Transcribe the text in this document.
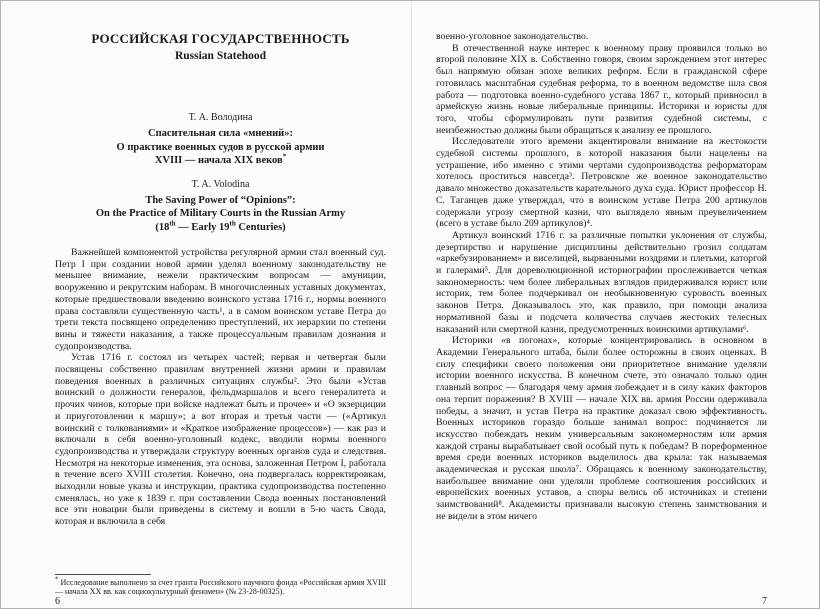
РОССИЙСКАЯ ГОСУДАРСТВЕННОСТЬ
Russian Statehood
Т. А. Володина
Спасительная сила «мнений»:
О практике военных судов в русской армии
XVIII — начала XIX веков*
T. A. Volodina
The Saving Power of “Opinions”:
On the Practice of Military Courts in the Russian Army
(18th — Early 19th Centuries)

Важнейшей компонентой устройства регулярной армии стал военный суд. Петр I при создании новой армии уделял военному законодательству не меньшее внимание, нежели практическим вопросам — амуниции, вооружению и рекрутским наборам. В многочисленных уставных документах, которые предшествовали введению воинского устава 1716 г., нормы военного права составляли существенную часть¹, а в самом воинском уставе Петра до трети текста посвящено определению преступлений, их иерархии по степени вины и тяжести наказания, а также процессуальным правилам дознания и судопроизводства.

Устав 1716 г. состоял из четырех частей; первая и четвертая были посвящены собственно правилам внутренней жизни армии и правилам поведения военных в различных ситуациях службы². Это были «Устав воинский о должности генералов, фельдмаршалов и всего генералитета и прочих чинов, которые при войске надлежат быть и прочее» и «О экзерциции и приуготовлении к маршу»; а вот вторая и третья части — («Артикул воинский с толкованиями» и «Краткое изображение процессов») — как раз и включали в себя военно-уголовный кодекс, вводили нормы военного судопроизводства и утверждали структуру военных органов суда и следствия. Несмотря на некоторые изменения, эта основа, заложенная Петром I, работала в течение всего XVIII столетия. Конечно, она подвергалась корректировкам, выходили новые указы и инструкции, практика судопроизводства постепенно сменялась, но уже к 1839 г. при составлении Свода военных постановлений все эти новации были приведены в систему и вошли в 5-ю часть Свода, которая и включила в себя

* Исследование выполнено за счет гранта Российского научного фонда «Российская армия XVIII — начала XX вв. как социокультурный феномен» (№ 23-28-00325).
6

военно-уголовное законодательство.

В отечественной науке интерес к военному праву проявился только во второй половине XIX в. Собственно говоря, своим зарождением этот интерес был напрямую обязан эпохе великих реформ. Если в гражданской сфере готовилась масштабная судебная реформа, то в военном ведомстве шла своя работа — подготовка военно-судебного устава 1867 г., который привносил в армейскую жизнь новые либеральные принципы. Историки и юристы для того, чтобы сформулировать пути развития судебной системы, с неизбежностью должны были обращаться к анализу ее прошлого.

Исследователи этого времени акцентировали внимание на жестокости судебной системы прошлого, в которой наказания были нацелены на устрашение, ибо именно с этими чертами судопроизводства реформаторам хотелось проститься навсегда³. Петровское же военное законодательство давало множество доказательств карательного духа суда. Юрист профессор Н. С. Таганцев даже утверждал, что в воинском уставе Петра 200 артикулов содержали угрозу смертной казни, что выглядело явным преувеличением (всего в уставе было 209 артикулов)⁴.

Артикул воинский 1716 г. за различные попытки уклонения от службы, дезертирство и нарушение дисциплины действительно грозил солдатам «аркебузированием» и виселицей, вырванными ноздрями и плетьми, каторгой и галерами⁵. Для дореволюционной историографии прослеживается четкая закономерность: чем более либеральных взглядов придерживался юрист или историк, тем более подчеркивал он необыкновенную суровость военных законов Петра. Доказывалось это, как правило, при помощи анализа нормативной базы и подсчета количества случаев жестоких телесных наказаний или смертной казни, предусмотренных воинскими артикулами⁶.

Историки «в погонах», которые концентрировались в основном в Академии Генерального штаба, были более осторожны в своих оценках. В силу специфики своего положения они приоритетное внимание уделяли истории военного искусства. В конечном счете, это означало только один главный вопрос — благодаря чему армия побеждает и в силу каких факторов она терпит поражения? В XVIII — начале XIX вв. армия России одерживала победы, а значит, и устав Петра на практике доказал свою эффективность. Военных историков гораздо больше занимал вопрос: подчиняется ли искусство побеждать неким универсальным закономерностям или армия каждой страны вырабатывает свой особый путь к победам? В пореформенное время среди военных историков выделилось два крыла: так называемая академическая и русская школа⁷. Обращаясь к военному законодательству, наибольшее внимание они уделяли проблеме соотношения российских и европейских военных уставов, а споры велись об источниках и степени заимствований⁸. Академисты признавали высокую степень заимствования и не видели в этом ничего

7
